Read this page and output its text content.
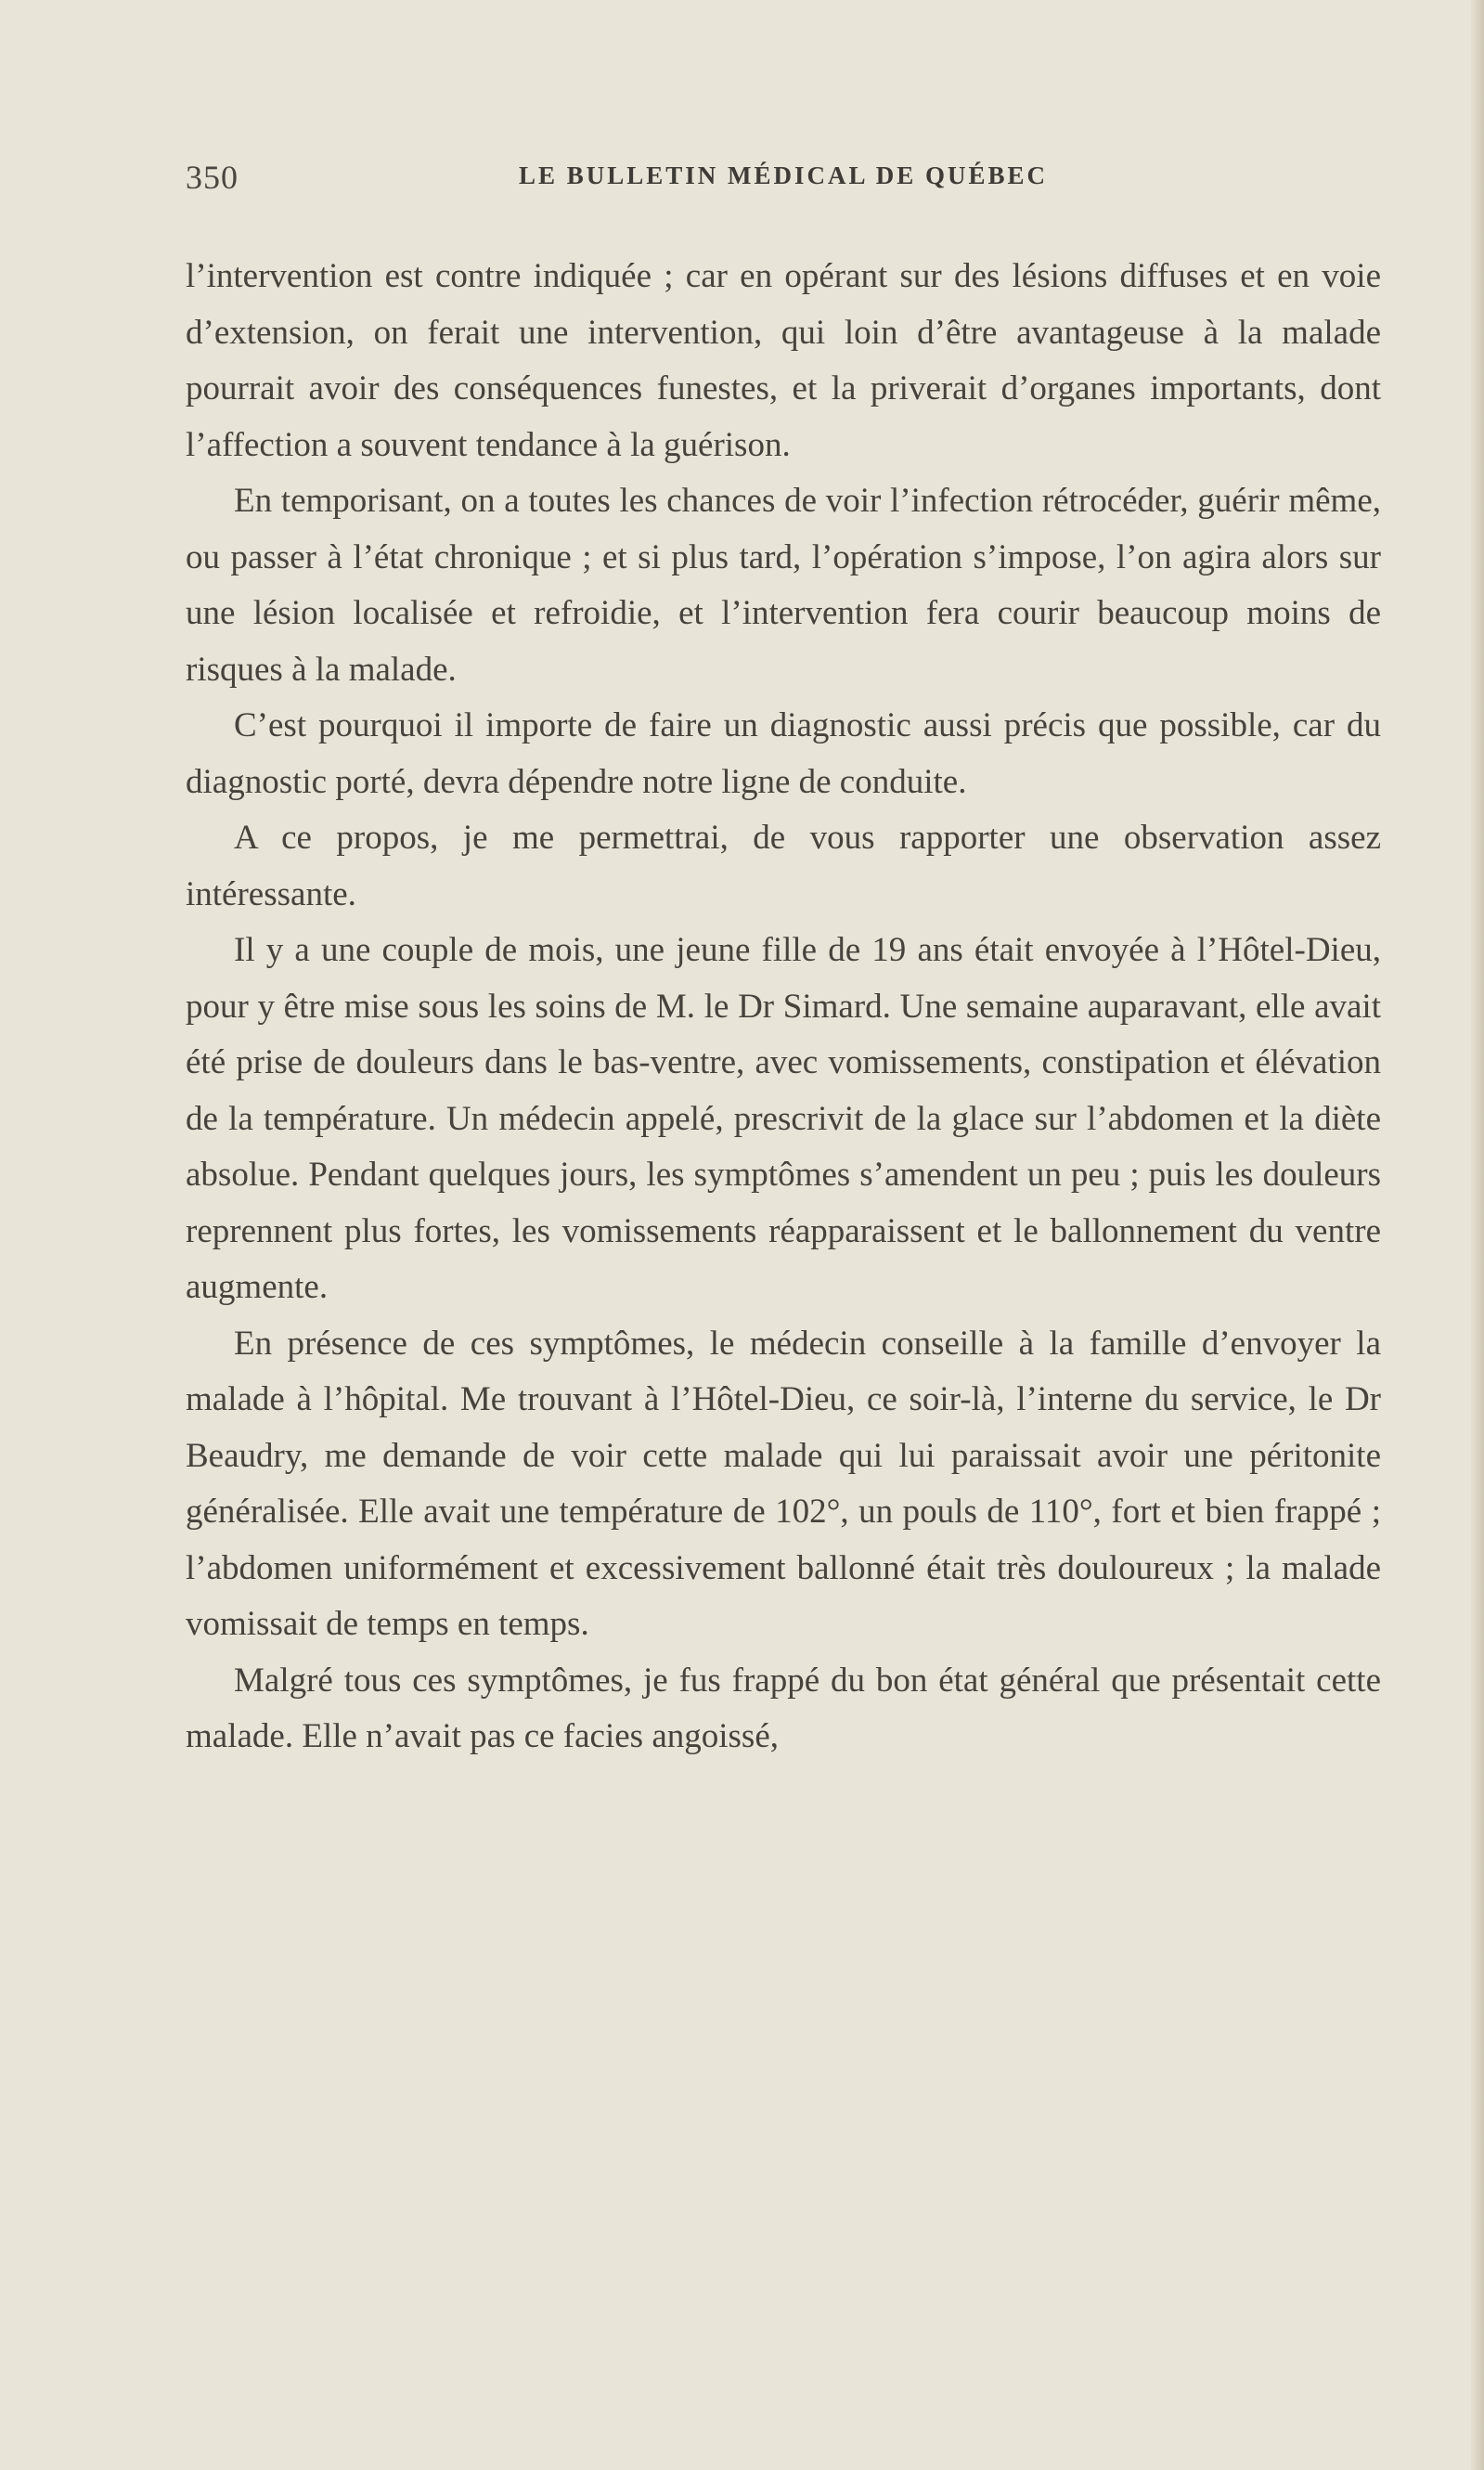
350	LE BULLETIN MÉDICAL DE QUÉBEC

l’intervention est contre indiquée ; car en opérant sur des lésions diffuses et en voie d’extension, on ferait une intervention, qui loin d’être avantageuse à la malade pourrait avoir des conséquences funestes, et la priverait d’organes importants, dont l’affection a souvent tendance à la guérison.

En temporisant, on a toutes les chances de voir l’infection rétrocéder, guérir même, ou passer à l’état chronique ; et si plus tard, l’opération s’impose, l’on agira alors sur une lésion localisée et refroidie, et l’intervention fera courir beaucoup moins de risques à la malade.

C’est pourquoi il importe de faire un diagnostic aussi précis que possible, car du diagnostic porté, devra dépendre notre ligne de conduite.

A ce propos, je me permettrai, de vous rapporter une observation assez intéressante.

Il y a une couple de mois, une jeune fille de 19 ans était envoyée à l’Hôtel-Dieu, pour y être mise sous les soins de M. le Dr Simard. Une semaine auparavant, elle avait été prise de douleurs dans le bas-ventre, avec vomissements, constipation et élévation de la température. Un médecin appelé, prescrivit de la glace sur l’abdomen et la diète absolue. Pendant quelques jours, les symptômes s’amendent un peu ; puis les douleurs reprennent plus fortes, les vomissements réapparaissent et le ballonnement du ventre augmente.

En présence de ces symptômes, le médecin conseille à la famille d’envoyer la malade à l’hôpital. Me trouvant à l’Hôtel-Dieu, ce soir-là, l’interne du service, le Dr Beaudry, me demande de voir cette malade qui lui paraissait avoir une péritonite généralisée. Elle avait une température de 102°, un pouls de 110°, fort et bien frappé ; l’abdomen uniformément et excessivement ballonné était très douloureux ; la malade vomissait de temps en temps.

Malgré tous ces symptômes, je fus frappé du bon état général que présentait cette malade. Elle n’avait pas ce facies angoissé,
